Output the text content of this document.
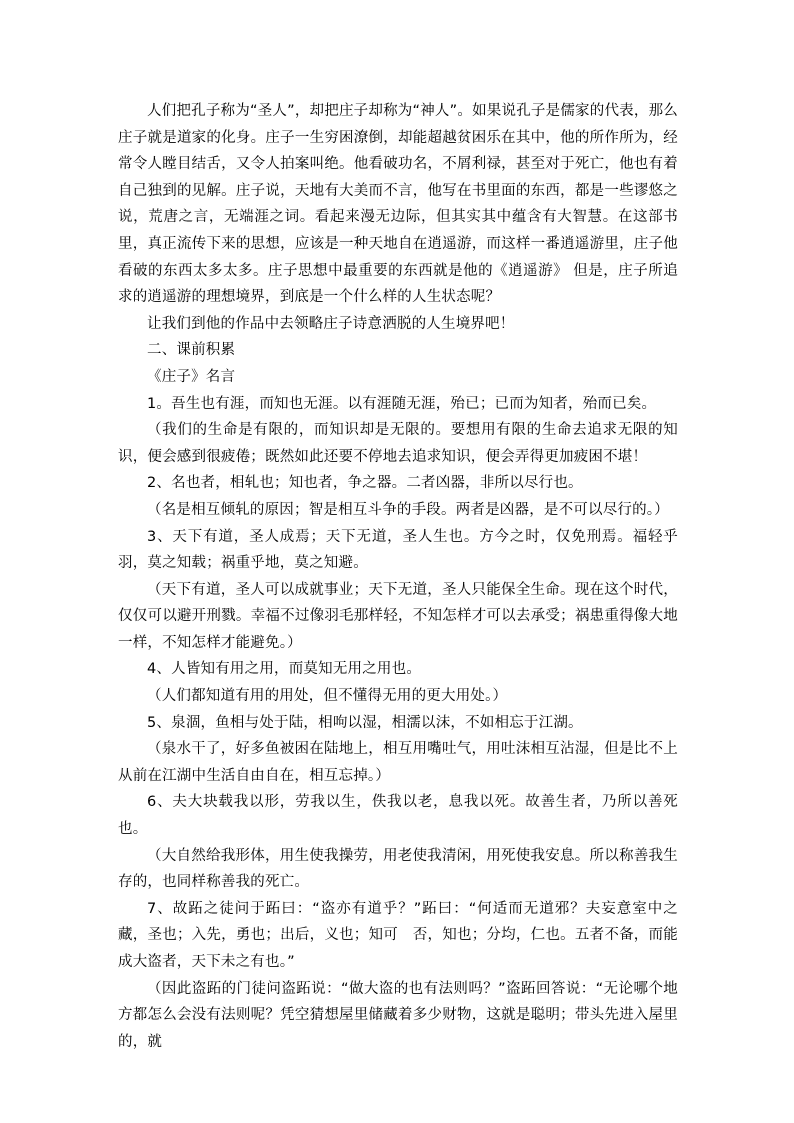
人们把孔子称为“圣人”，却把庄子却称为“神人”。如果说孔子是儒家的代表，那么庄子就是道家的化身。庄子一生穷困潦倒，却能超越贫困乐在其中，他的所作所为，经常令人瞠目结舌，又令人拍案叫绝。他看破功名，不屑利禄，甚至对于死亡，他也有着自己独到的见解。庄子说，天地有大美而不言，他写在书里面的东西，都是一些谬悠之说，荒唐之言，无端涯之词。看起来漫无边际，但其实其中蕴含有大智慧。在这部书里，真正流传下来的思想，应该是一种天地自在逍遥游，而这样一番逍遥游里，庄子他看破的东西太多太多。庄子思想中最重要的东西就是他的《逍遥游》 但是，庄子所追求的逍遥游的理想境界，到底是一个什么样的人生状态呢？

让我们到他的作品中去领略庄子诗意洒脱的人生境界吧！

二、课前积累

《庄子》名言

1。吾生也有涯，而知也无涯。以有涯随无涯，殆已；已而为知者，殆而已矣。

（我们的生命是有限的，而知识却是无限的。要想用有限的生命去追求无限的知识，便会感到很疲倦；既然如此还要不停地去追求知识，便会弄得更加疲困不堪！

2、名也者，相轧也；知也者，争之器。二者凶器，非所以尽行也。

（名是相互倾轧的原因；智是相互斗争的手段。两者是凶器，是不可以尽行的。）

3、天下有道，圣人成焉；天下无道，圣人生也。方今之时，仅免刑焉。福轻乎羽，莫之知载；祸重乎地，莫之知避。

（天下有道，圣人可以成就事业；天下无道，圣人只能保全生命。现在这个时代，仅仅可以避开刑戮。幸福不过像羽毛那样轻，不知怎样才可以去承受；祸患重得像大地一样，不知怎样才能避免。）

4、人皆知有用之用，而莫知无用之用也。

（人们都知道有用的用处，但不懂得无用的更大用处。）

5、泉涸，鱼相与处于陆，相呴以湿，相濡以沫，不如相忘于江湖。

（泉水干了，好多鱼被困在陆地上，相互用嘴吐气，用吐沫相互沾湿，但是比不上从前在江湖中生活自由自在，相互忘掉。）

6、夫大块载我以形，劳我以生，佚我以老，息我以死。故善生者，乃所以善死也。

（大自然给我形体，用生使我操劳，用老使我清闲，用死使我安息。所以称善我生存的，也同样称善我的死亡。

7、故跖之徒问于跖曰：“盗亦有道乎？”跖曰：“何适而无道邪？夫妄意室中之藏，圣也；入先，勇也；出后，义也；知可　否，知也；分均，仁也。五者不备，而能成大盗者，天下未之有也。”

（因此盗跖的门徒问盗跖说：“做大盗的也有法则吗？”盗跖回答说：“无论哪个地方都怎么会没有法则呢？凭空猜想屋里储藏着多少财物，这就是聪明；带头先进入屋里的，就
